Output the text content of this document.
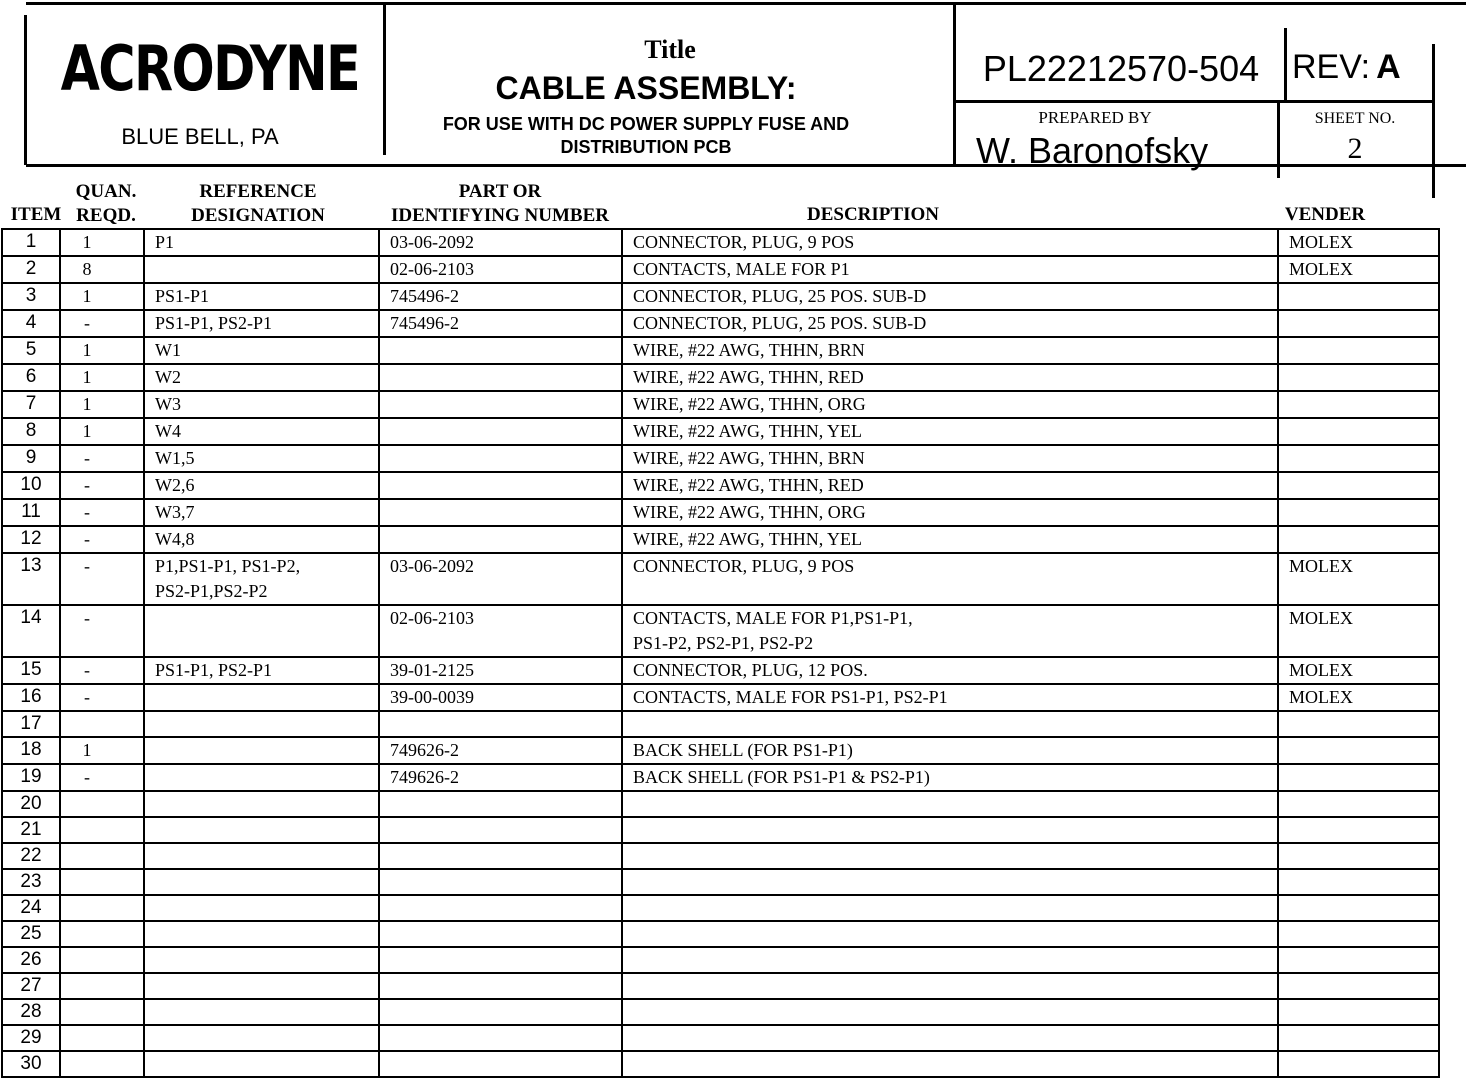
ACRODYNE
BLUE BELL, PA
Title
CABLE ASSEMBLY:
FOR USE WITH DC POWER SUPPLY FUSE AND
DISTRIBUTION PCB
PL22212570-504 REV: A
PREPARED BY
W. Baronofsky
SHEET NO.
2
ITEM
QUAN.
REQD.
REFERENCE
DESIGNATION
PART OR
IDENTIFYING NUMBER	DESCRIPTION	VENDER
1	1	P1	03-06-2092	CONNECTOR, PLUG, 9 POS	MOLEX
2	8		02-06-2103	CONTACTS, MALE FOR P1	MOLEX
3	1	PS1-P1	745496-2	CONNECTOR, PLUG, 25 POS. SUB-D	

4	-	PS1-P1, PS2-P1	745496-2	CONNECTOR, PLUG, 25 POS. SUB-D	

5	1	W1		WIRE, #22 AWG, THHN, BRN	

6	1	W2		WIRE, #22 AWG, THHN, RED	

7	1	W3		WIRE, #22 AWG, THHN, ORG	

8	1	W4		WIRE, #22 AWG, THHN, YEL	

9	-	W1,5		WIRE, #22 AWG, THHN, BRN	

10	-	W2,6		WIRE, #22 AWG, THHN, RED	

11	-	W3,7		WIRE, #22 AWG, THHN, ORG	

12	-	W4,8		WIRE, #22 AWG, THHN, YEL	

13	-	P1,PS1-P1, PS1-P2,
PS2-P1,PS2-P2	03-06-2092	CONNECTOR, PLUG, 9 POS	MOLEX
14	-		02-06-2103	CONTACTS, MALE FOR P1,PS1-P1,
PS1-P2, PS2-P1, PS2-P2	MOLEX
15	-	PS1-P1, PS2-P1	39-01-2125	CONNECTOR, PLUG, 12 POS.	MOLEX
16	-		39-00-0039	CONTACTS, MALE FOR PS1-P1, PS2-P1	MOLEX
17					
18	1		749626-2	BACK SHELL (FOR PS1-P1)	

19	-		749626-2	BACK SHELL (FOR PS1-P1 & PS2-P1)	

20					
21					
22					
23					
24					
25					
26					
27					
28					
29					
30					
